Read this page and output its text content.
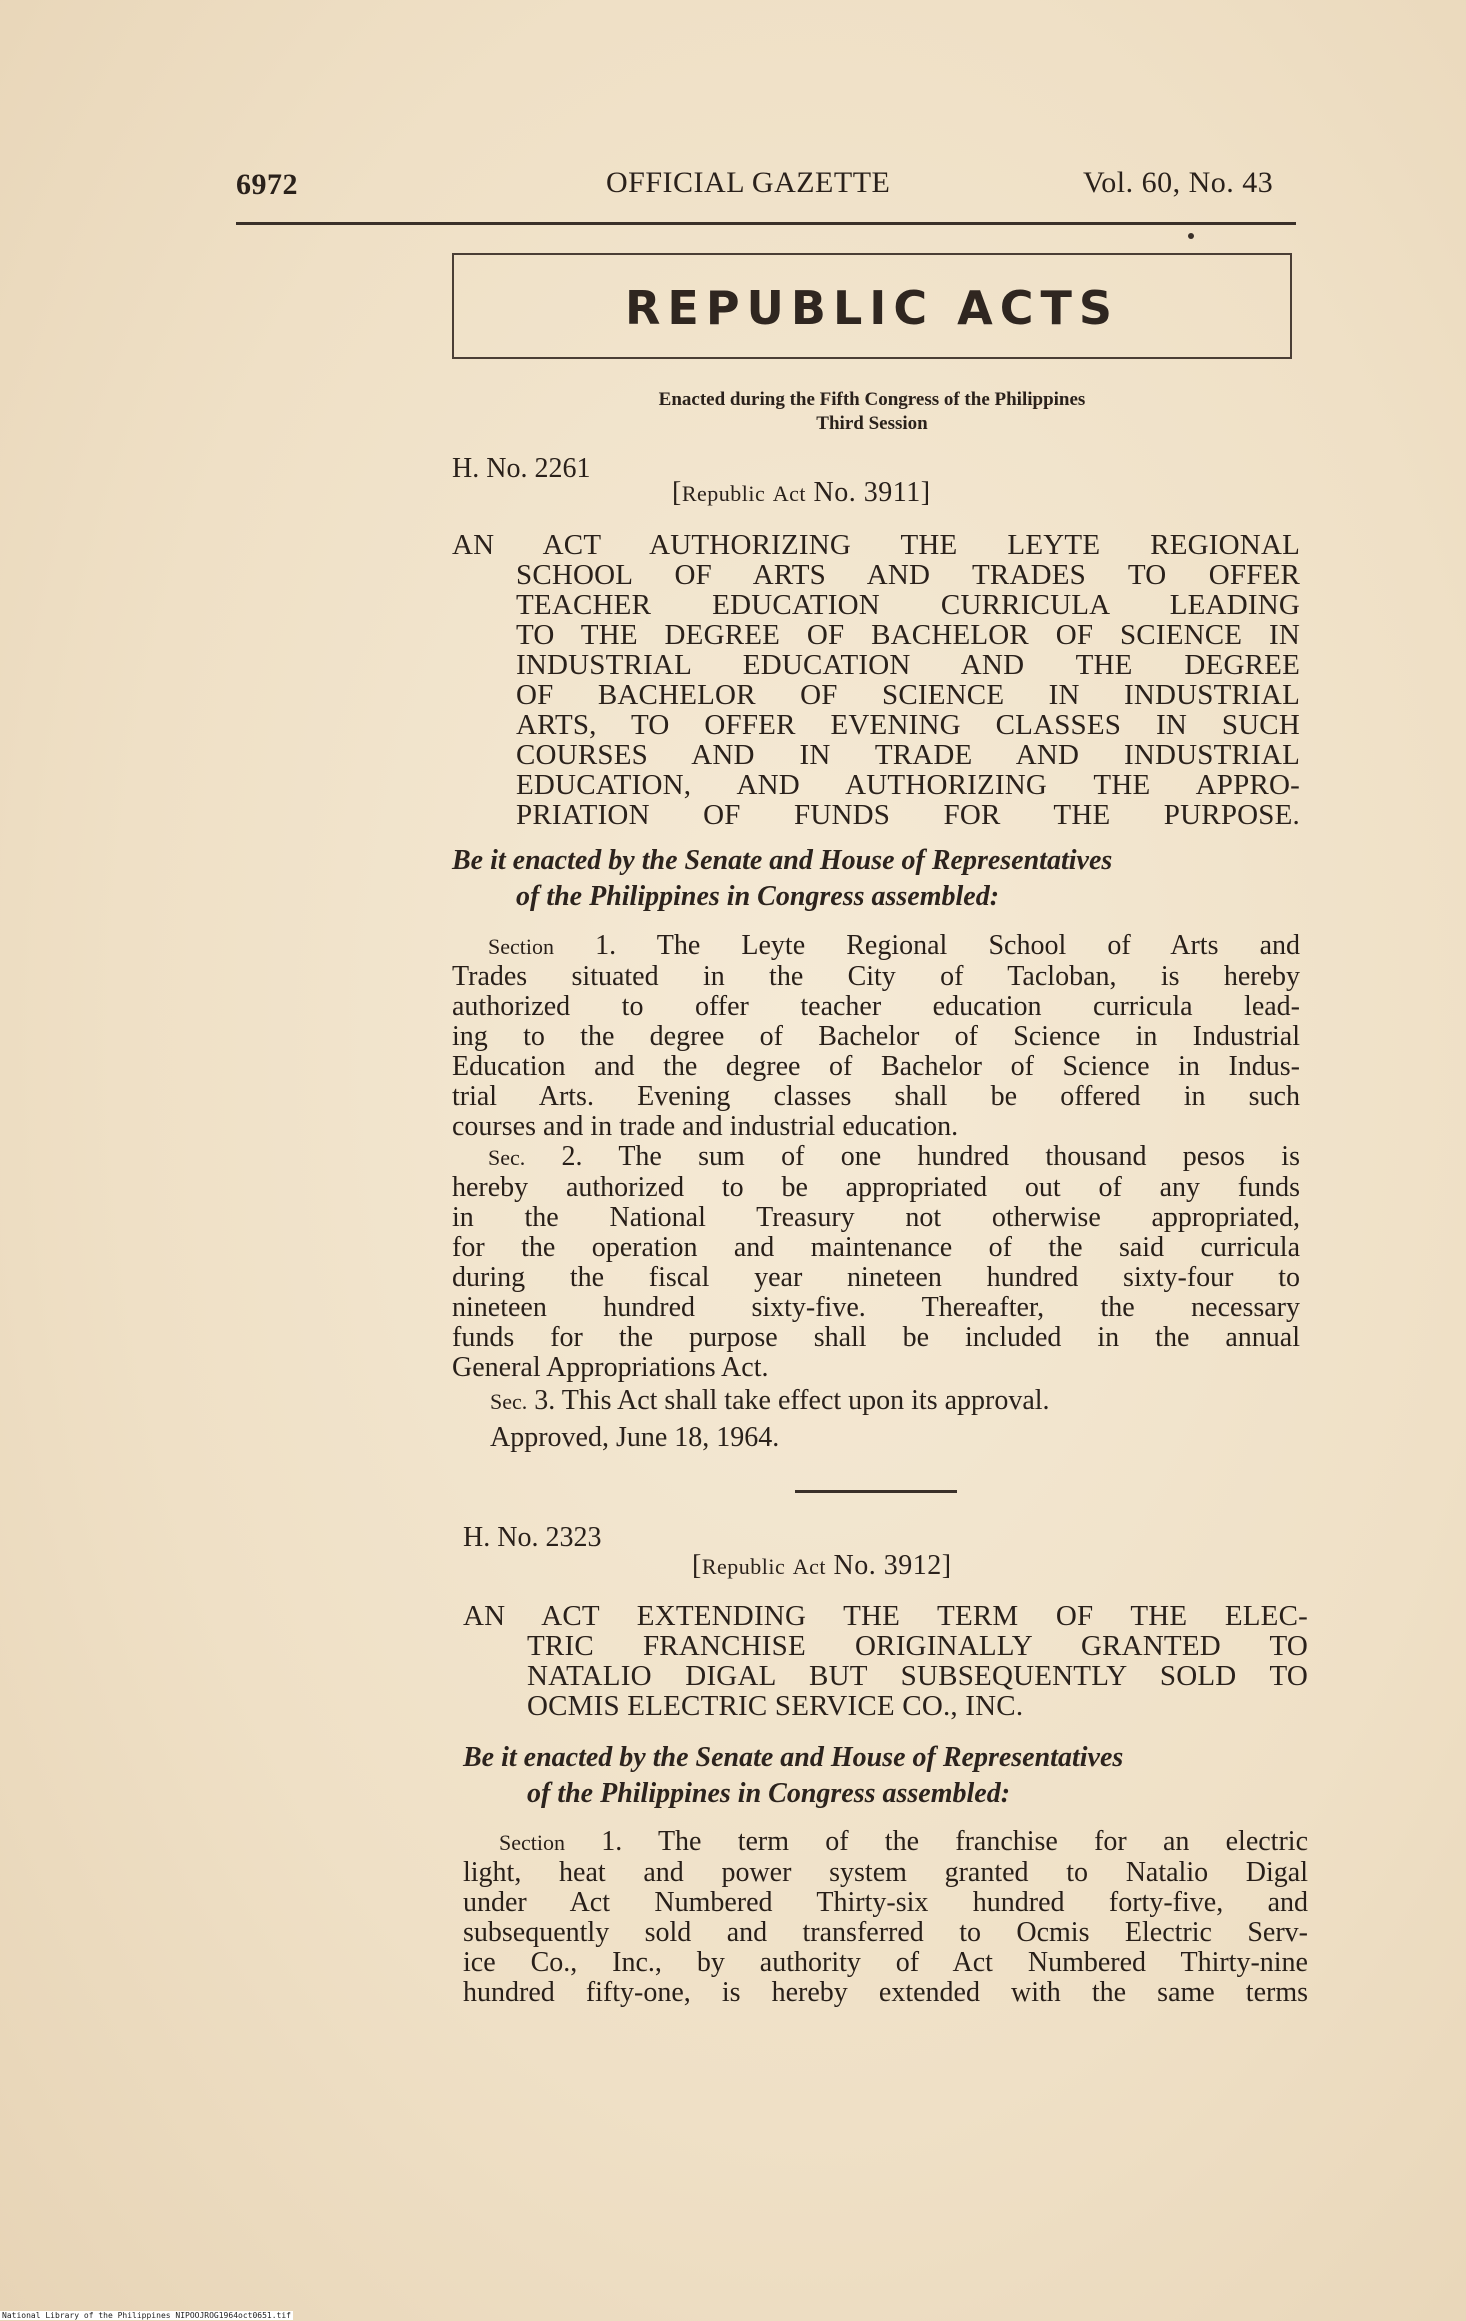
6972	OFFICIAL GAZETTE	Vol. 60, No. 43
REPUBLIC ACTS
Enacted during the Fifth Congress of the Philippines
Third Session
H. No. 2261
[Republic Act No. 3911]
AN ACT AUTHORIZING THE LEYTE REGIONAL
SCHOOL OF ARTS AND TRADES TO OFFER
TEACHER EDUCATION CURRICULA LEADING
TO THE DEGREE OF BACHELOR OF SCIENCE IN
INDUSTRIAL EDUCATION AND THE DEGREE
OF BACHELOR OF SCIENCE IN INDUSTRIAL
ARTS, TO OFFER EVENING CLASSES IN SUCH
COURSES AND IN TRADE AND INDUSTRIAL
EDUCATION, AND AUTHORIZING THE APPRO-
PRIATION OF FUNDS FOR THE PURPOSE.
Be it enacted by the Senate and House of Representatives
of the Philippines in Congress assembled:
Section 1. The Leyte Regional School of Arts and
Trades situated in the City of Tacloban, is hereby
authorized to offer teacher education curricula lead-
ing to the degree of Bachelor of Science in Industrial
Education and the degree of Bachelor of Science in Indus-
trial Arts. Evening classes shall be offered in such
courses and in trade and industrial education.
Sec. 2. The sum of one hundred thousand pesos is
hereby authorized to be appropriated out of any funds
in the National Treasury not otherwise appropriated,
for the operation and maintenance of the said curricula
during the fiscal year nineteen hundred sixty-four to
nineteen hundred sixty-five. Thereafter, the necessary
funds for the purpose shall be included in the annual
General Appropriations Act.
Sec. 3. This Act shall take effect upon its approval.
Approved, June 18, 1964.
H. No. 2323
[Republic Act No. 3912]
AN ACT EXTENDING THE TERM OF THE ELEC-
TRIC FRANCHISE ORIGINALLY GRANTED TO
NATALIO DIGAL BUT SUBSEQUENTLY SOLD TO
OCMIS ELECTRIC SERVICE CO., INC.
Be it enacted by the Senate and House of Representatives
of the Philippines in Congress assembled:
Section 1. The term of the franchise for an electric
light, heat and power system granted to Natalio Digal
under Act Numbered Thirty-six hundred forty-five, and
subsequently sold and transferred to Ocmis Electric Serv-
ice Co., Inc., by authority of Act Numbered Thirty-nine
hundred fifty-one, is hereby extended with the same terms
National Library of the Philippines NIPOOJROG1964oct0651.tif
